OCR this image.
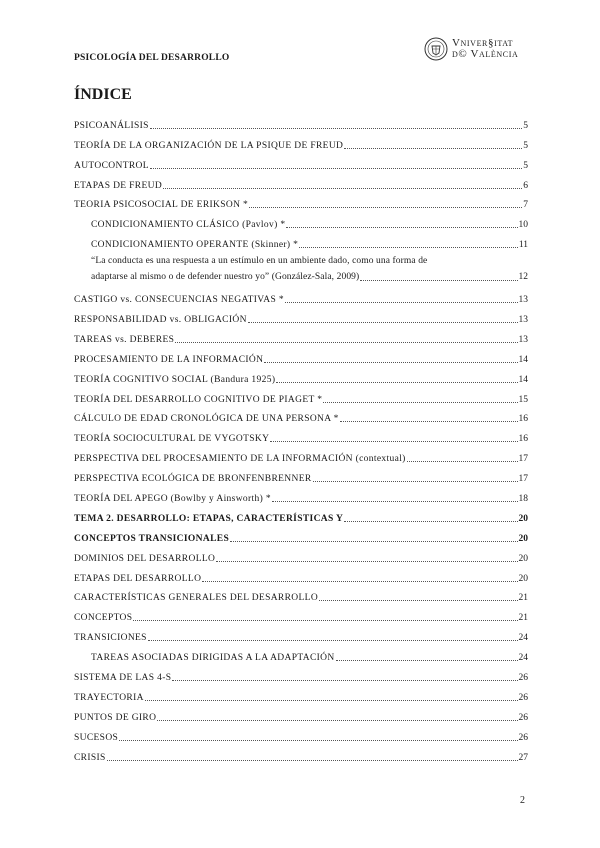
PSICOLOGÍA DEL DESARROLLO
Vniver§itat
d© València
ÍNDICE
PSICOANÁLISIS	5
TEORÍA DE LA ORGANIZACIÓN DE LA PSIQUE DE FREUD	5
AUTOCONTROL	5
ETAPAS DE FREUD	6
TEORIA PSICOSOCIAL DE ERIKSON *	7
CONDICIONAMIENTO CLÁSICO (Pavlov) *	10
CONDICIONAMIENTO OPERANTE (Skinner) *	11
“La conducta es una respuesta a un estímulo en un ambiente dado, como una forma de
adaptarse al mismo o de defender nuestro yo” (González-Sala, 2009)	12
CASTIGO vs. CONSECUENCIAS NEGATIVAS *	13
RESPONSABILIDAD vs. OBLIGACIÓN	13
TAREAS vs. DEBERES	13
PROCESAMIENTO DE LA INFORMACIÓN	14
TEORÍA COGNITIVO SOCIAL (Bandura 1925)	14
TEORÍA DEL DESARROLLO COGNITIVO DE PIAGET *	15
CÁLCULO DE EDAD CRONOLÓGICA DE UNA PERSONA *	16
TEORÍA SOCIOCULTURAL DE VYGOTSKY	16
PERSPECTIVA DEL PROCESAMIENTO DE LA INFORMACIÓN (contextual)	17
PERSPECTIVA ECOLÓGICA DE BRONFENBRENNER	17
TEORÍA DEL APEGO (Bowlby y Ainsworth) *	18
TEMA 2. DESARROLLO: ETAPAS, CARACTERÍSTICAS Y	20
CONCEPTOS TRANSICIONALES	20
DOMINIOS DEL DESARROLLO	20
ETAPAS DEL DESARROLLO	20
CARACTERÍSTICAS GENERALES DEL DESARROLLO	21
CONCEPTOS	21
TRANSICIONES	24
TAREAS ASOCIADAS DIRIGIDAS A LA ADAPTACIÓN	24
SISTEMA DE LAS 4-S	26
TRAYECTORIA	26
PUNTOS DE GIRO	26
SUCESOS	26
CRISIS	27
2
